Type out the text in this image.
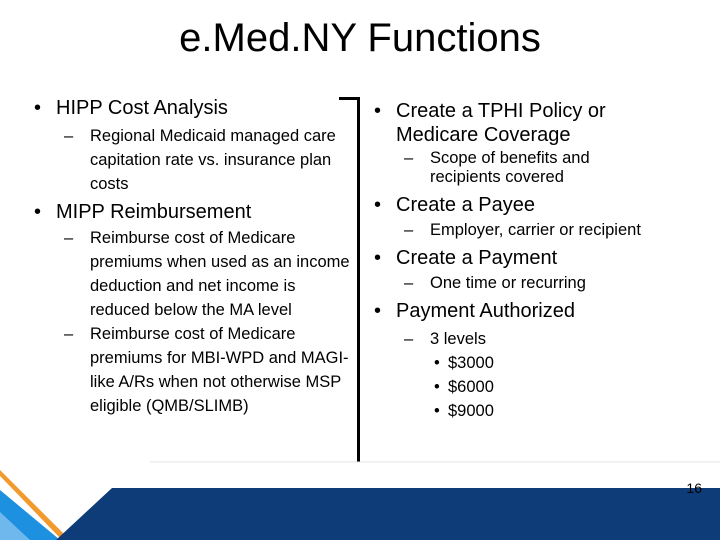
e.Med.NY Functions
• HIPP Cost Analysis
– Regional Medicaid managed care capitation rate vs. insurance plan costs
• MIPP Reimbursement
– Reimburse cost of Medicare premiums when used as an income deduction and net income is reduced below the MA level
– Reimburse cost of Medicare premiums for MBI-WPD and MAGI-like A/Rs when not otherwise MSP eligible (QMB/SLIMB)
• Create a TPHI Policy or Medicare Coverage
– Scope of benefits and recipients covered
• Create a Payee
– Employer, carrier or recipient
• Create a Payment
– One time or recurring
• Payment Authorized
– 3 levels
• $3000
• $6000
• $9000
16
